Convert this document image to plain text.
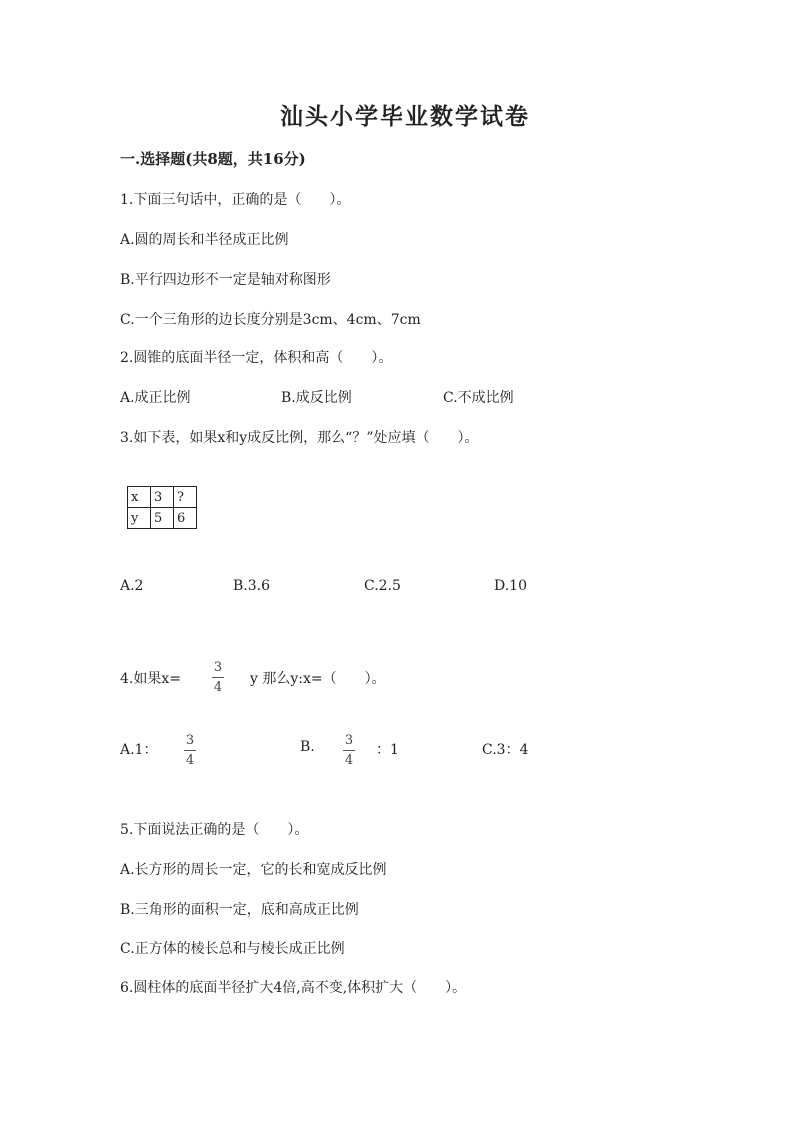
汕头小学毕业数学试卷
一.选择题(共8题，共16分)
1.下面三句话中，正确的是（　　）。
A.圆的周长和半径成正比例
B.平行四边形不一定是轴对称图形
C.一个三角形的边长度分别是3cm、4cm、7cm
2.圆锥的底面半径一定，体积和高（　　）。
A.成正比例	B.成反比例	C.不成比例
3.如下表，如果x和y成反比例，那么“？”处应填（　　）。
x	3	?
y	5	6
A.2	B.3.6	C.2.5	D.10
4.如果x=
3
4
y 那么y:x=（　　）。
A.1：
3
4
B. 3
4
：1	C.3：4
5.下面说法正确的是（　　）。
A.长方形的周长一定，它的长和宽成反比例
B.三角形的面积一定，底和高成正比例
C.正方体的棱长总和与棱长成正比例
6.圆柱体的底面半径扩大4倍,高不变,体积扩大（　　）。
